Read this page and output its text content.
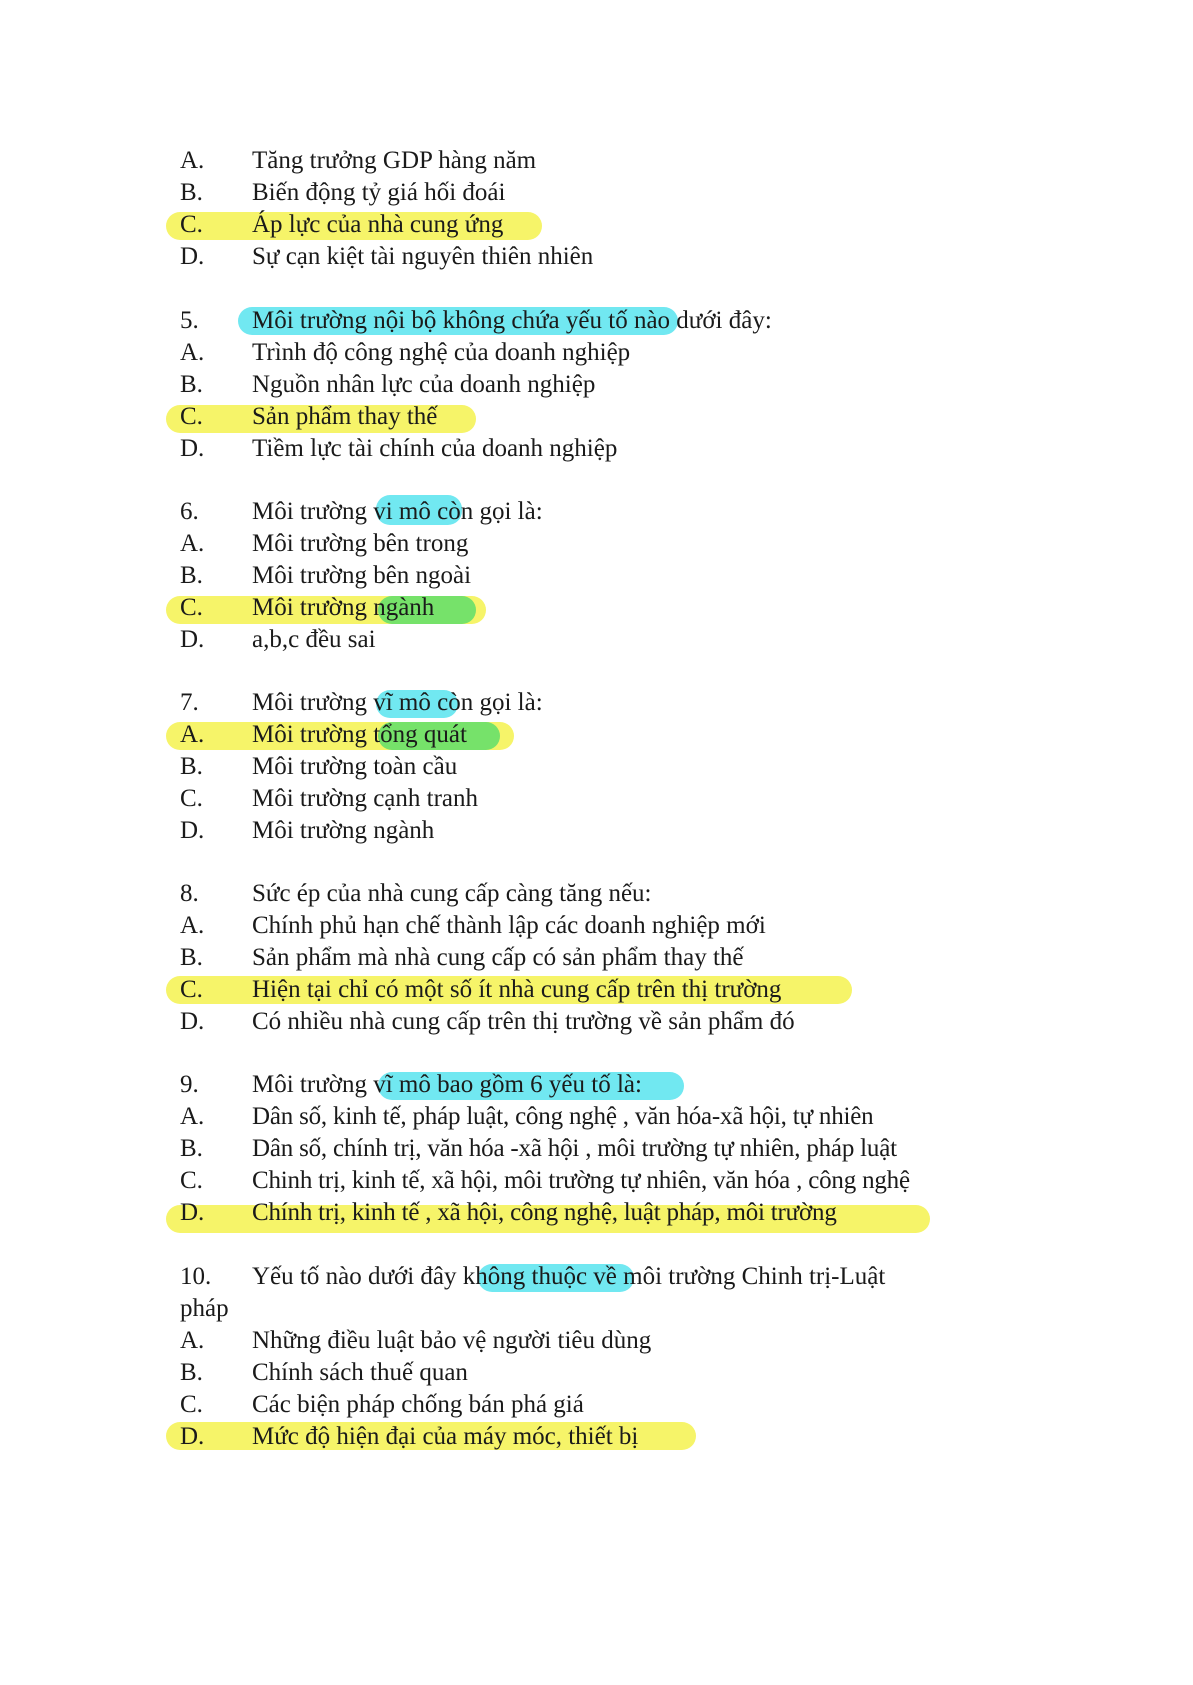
A. Tăng trưởng GDP hàng năm
B. Biến động tỷ giá hối đoái
C. Áp lực của nhà cung ứng
D. Sự cạn kiệt tài nguyên thiên nhiên
5. Môi trường nội bộ không chứa yếu tố nào dưới đây:
A. Trình độ công nghệ của doanh nghiệp
B. Nguồn nhân lực của doanh nghiệp
C. Sản phẩm thay thế
D. Tiềm lực tài chính của doanh nghiệp
6. Môi trường vi mô còn gọi là:
A. Môi trường bên trong
B. Môi trường bên ngoài
C. Môi trường ngành
D. a,b,c đều sai
7. Môi trường vĩ mô còn gọi là:
A. Môi trường tổng quát
B. Môi trường toàn cầu
C. Môi trường cạnh tranh
D. Môi trường ngành
8. Sức ép của nhà cung cấp càng tăng nếu:
A. Chính phủ hạn chế thành lập các doanh nghiệp mới
B. Sản phẩm mà nhà cung cấp có sản phẩm thay thế
C. Hiện tại chỉ có một số ít nhà cung cấp trên thị trường
D. Có nhiều nhà cung cấp trên thị trường về sản phẩm đó
9. Môi trường vĩ mô bao gồm 6 yếu tố là:
A. Dân số, kinh tế, pháp luật, công nghệ , văn hóa-xã hội, tự nhiên
B. Dân số, chính trị, văn hóa -xã hội , môi trường tự nhiên, pháp luật
C. Chinh trị, kinh tế, xã hội, môi trường tự nhiên, văn hóa , công nghệ
D. Chính trị, kinh tế , xã hội, công nghệ, luật pháp, môi trường
10. Yếu tố nào dưới đây không thuộc về môi trường Chinh trị-Luật
pháp
A. Những điều luật bảo vệ người tiêu dùng
B. Chính sách thuế quan
C. Các biện pháp chống bán phá giá
D. Mức độ hiện đại của máy móc, thiết bị
